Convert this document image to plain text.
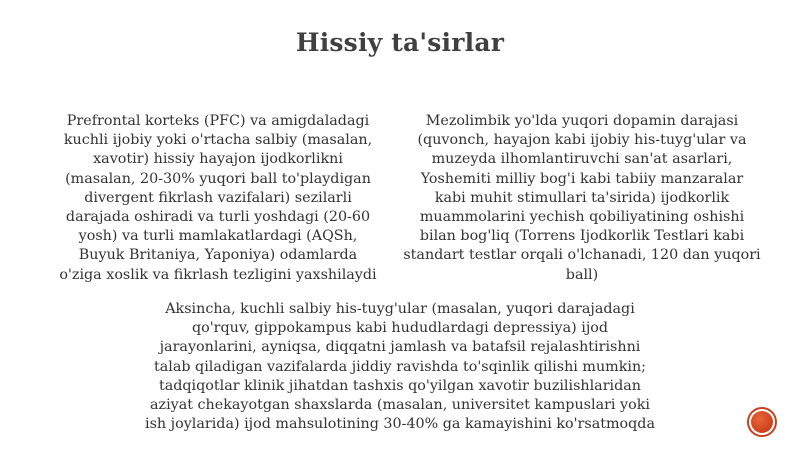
Hissiy ta'sirlar

Prefrontal korteks (PFC) va amigdaladagi
kuchli ijobiy yoki o'rtacha salbiy (masalan,
xavotir) hissiy hayajon ijodkorlikni
(masalan, 20-30% yuqori ball to'playdigan
divergent fikrlash vazifalari) sezilarli
darajada oshiradi va turli yoshdagi (20-60
yosh) va turli mamlakatlardagi (AQSh,
Buyuk Britaniya, Yaponiya) odamlarda
o'ziga xoslik va fikrlash tezligini yaxshilaydi

Mezolimbik yo'lda yuqori dopamin darajasi
(quvonch, hayajon kabi ijobiy his-tuyg'ular va
muzeyda ilhomlantiruvchi san'at asarlari,
Yoshemiti milliy bog'i kabi tabiiy manzaralar
kabi muhit stimullari ta'sirida) ijodkorlik
muammolarini yechish qobiliyatining oshishi
bilan bog'liq (Torrens Ijodkorlik Testlari kabi
standart testlar orqali o'lchanadi, 120 dan yuqori
ball)

Aksincha, kuchli salbiy his-tuyg'ular (masalan, yuqori darajadagi
qo'rquv, gippokampus kabi hududlardagi depressiya) ijod
jarayonlarini, ayniqsa, diqqatni jamlash va batafsil rejalashtirishni
talab qiladigan vazifalarda jiddiy ravishda to'sqinlik qilishi mumkin;
tadqiqotlar klinik jihatdan tashxis qo'yilgan xavotir buzilishlaridan
aziyat chekayotgan shaxslarda (masalan, universitet kampuslari yoki
ish joylarida) ijod mahsulotining 30-40% ga kamayishini ko'rsatmoqda
